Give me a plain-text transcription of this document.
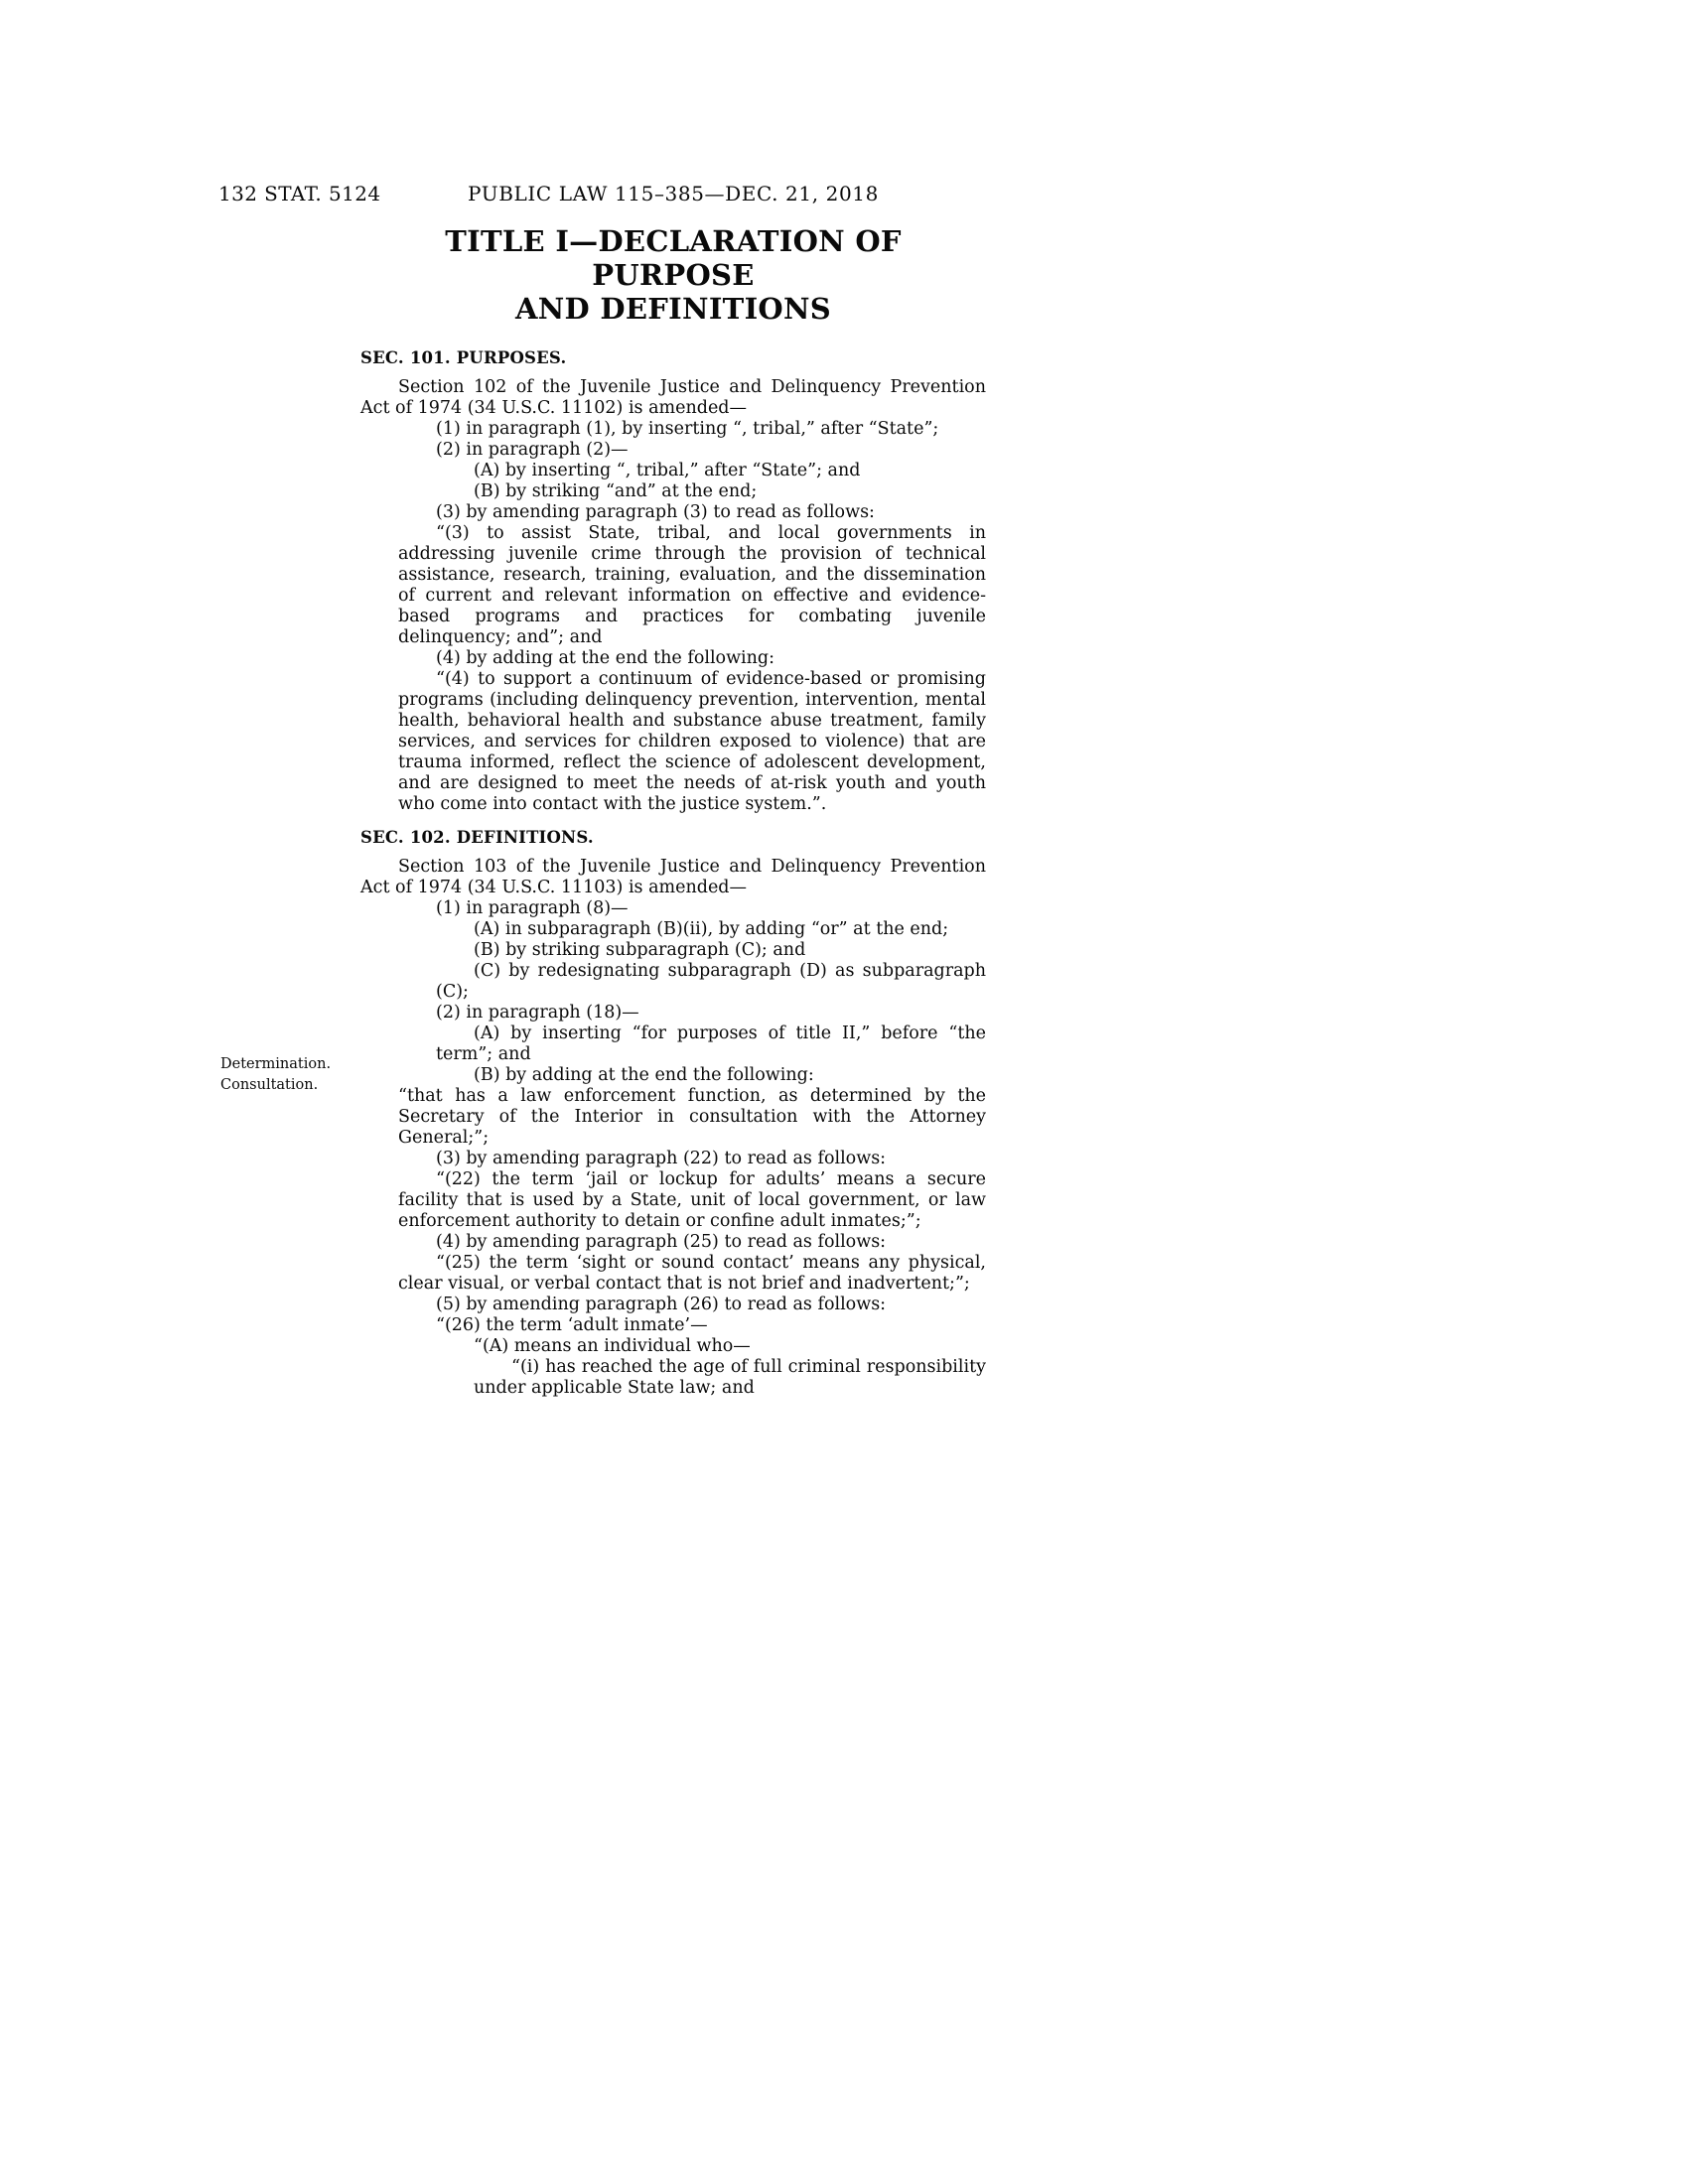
132 STAT. 5124	PUBLIC LAW 115–385—DEC. 21, 2018
Determination.
Consultation.
TITLE I—DECLARATION OF PURPOSE
AND DEFINITIONS
SEC. 101. PURPOSES.

Section 102 of the Juvenile Justice and Delinquency Prevention Act of 1974 (34 U.S.C. 11102) is amended—

(1) in paragraph (1), by inserting “, tribal,” after “State”;

(2) in paragraph (2)—

(A) by inserting “, tribal,” after “State”; and

(B) by striking “and” at the end;

(3) by amending paragraph (3) to read as follows:

“(3) to assist State, tribal, and local governments in addressing juvenile crime through the provision of technical assistance, research, training, evaluation, and the dissemination of current and relevant information on effective and evidence-based programs and practices for combating juvenile delinquency; and”; and

(4) by adding at the end the following:

“(4) to support a continuum of evidence-based or promising programs (including delinquency prevention, intervention, mental health, behavioral health and substance abuse treatment, family services, and services for children exposed to violence) that are trauma informed, reflect the science of adolescent development, and are designed to meet the needs of at-risk youth and youth who come into contact with the justice system.”.

SEC. 102. DEFINITIONS.

Section 103 of the Juvenile Justice and Delinquency Prevention Act of 1974 (34 U.S.C. 11103) is amended—

(1) in paragraph (8)—

(A) in subparagraph (B)(ii), by adding “or” at the end;

(B) by striking subparagraph (C); and

(C) by redesignating subparagraph (D) as subparagraph (C);

(2) in paragraph (18)—

(A) by inserting “for purposes of title II,” before “the term”; and

(B) by adding at the end the following:

“that has a law enforcement function, as determined by the Secretary of the Interior in consultation with the Attorney General;”;

(3) by amending paragraph (22) to read as follows:

“(22) the term ‘jail or lockup for adults’ means a secure facility that is used by a State, unit of local government, or law enforcement authority to detain or confine adult inmates;”;

(4) by amending paragraph (25) to read as follows:

“(25) the term ‘sight or sound contact’ means any physical, clear visual, or verbal contact that is not brief and inadvertent;”;

(5) by amending paragraph (26) to read as follows:

“(26) the term ‘adult inmate’—

“(A) means an individual who—

“(i) has reached the age of full criminal responsibility under applicable State law; and
